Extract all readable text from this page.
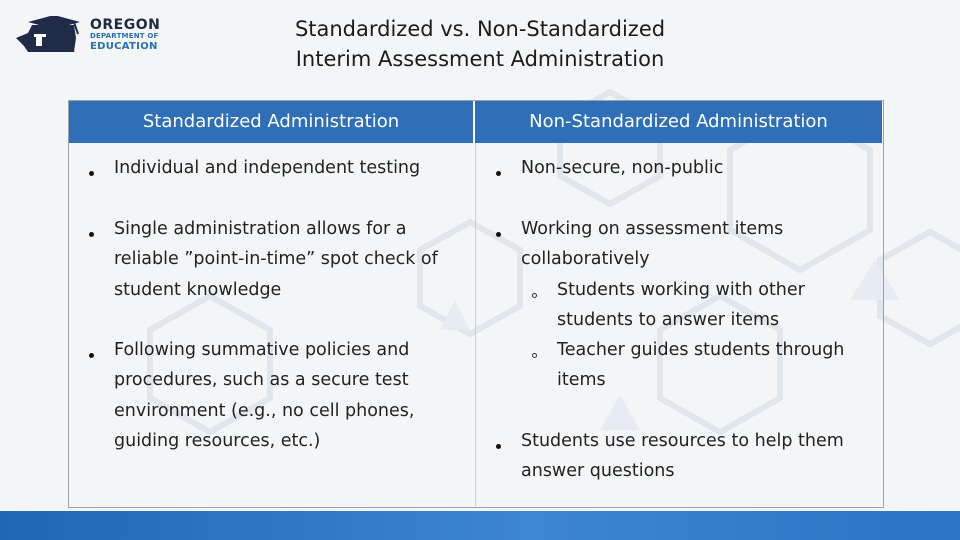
OREGON
DEPARTMENT OF
EDUCATION
Standardized vs. Non-Standardized
Interim Assessment Administration
Standardized Administration	Non-Standardized Administration
Individual and independent testing
Single administration allows for a
reliable ”point-in-time” spot check of
student knowledge
Following summative policies and
procedures, such as a secure test
environment (e.g., no cell phones,
guiding resources, etc.)
Non-secure, non-public
Working on assessment items
collaboratively
Students working with other
students to answer items
Teacher guides students through
items
Students use resources to help them
answer questions
